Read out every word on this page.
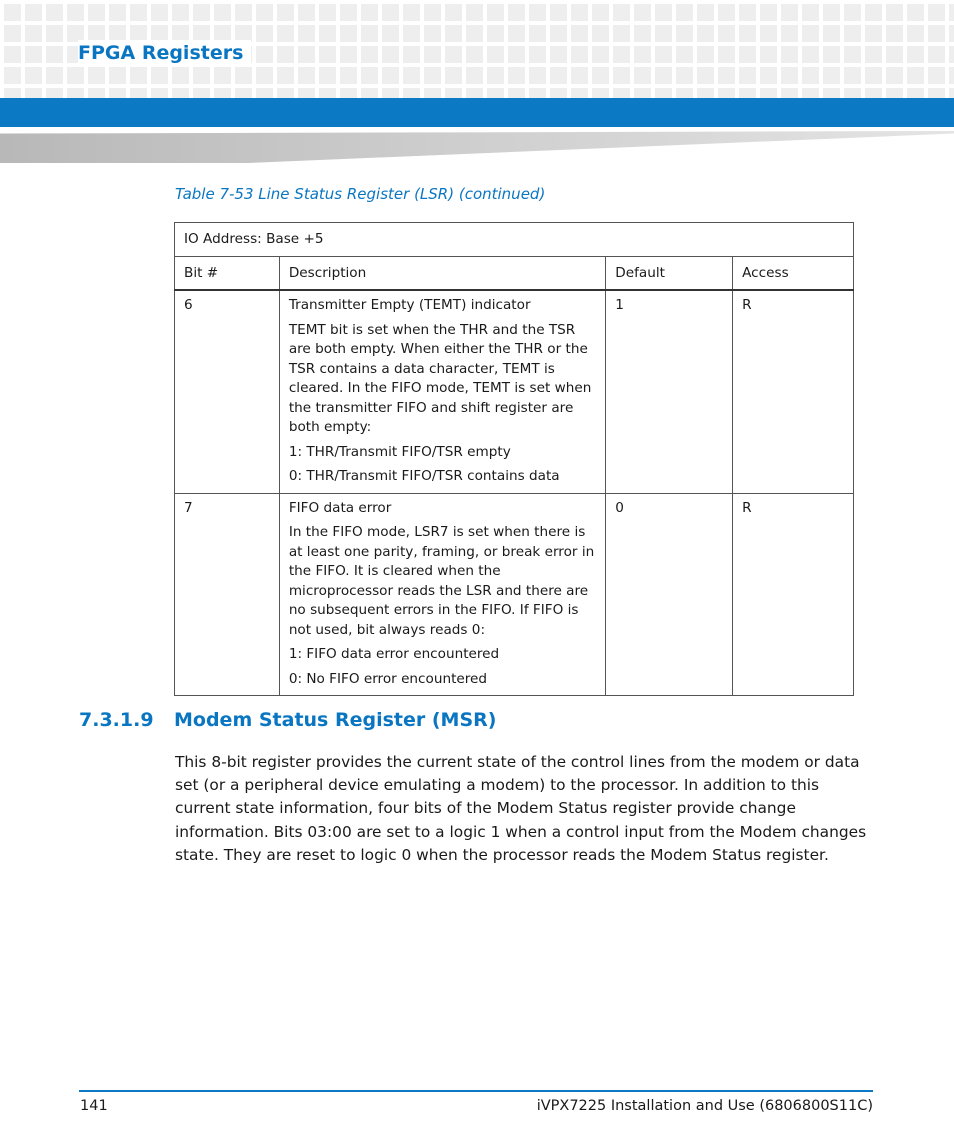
FPGA Registers
Table 7-53 Line Status Register (LSR) (continued)
IO Address: Base +5			
Bit #	Description	Default	Access
6	Transmitter Empty (TEMT) indicator

TEMT bit is set when the THR and the TSR are both empty. When either the THR or the TSR contains a data character, TEMT is cleared. In the FIFO mode, TEMT is set when the transmitter FIFO and shift register are both empty:

1: THR/Transmit FIFO/TSR empty

0: THR/Transmit FIFO/TSR contains data	1	R
7	FIFO data error

In the FIFO mode, LSR7 is set when there is at least one parity, framing, or break error in the FIFO. It is cleared when the microprocessor reads the LSR and there are no subsequent errors in the FIFO. If FIFO is not used, bit always reads 0:

1: FIFO data error encountered

0: No FIFO error encountered	0	R
7.3.1.9 Modem Status Register (MSR)

This 8-bit register provides the current state of the control lines from the modem or data set (or a peripheral device emulating a modem) to the processor. In addition to this current state information, four bits of the Modem Status register provide change information. Bits 03:00 are set to a logic 1 when a control input from the Modem changes state. They are reset to logic 0 when the processor reads the Modem Status register.

141	iVPX7225 Installation and Use (6806800S11C)
